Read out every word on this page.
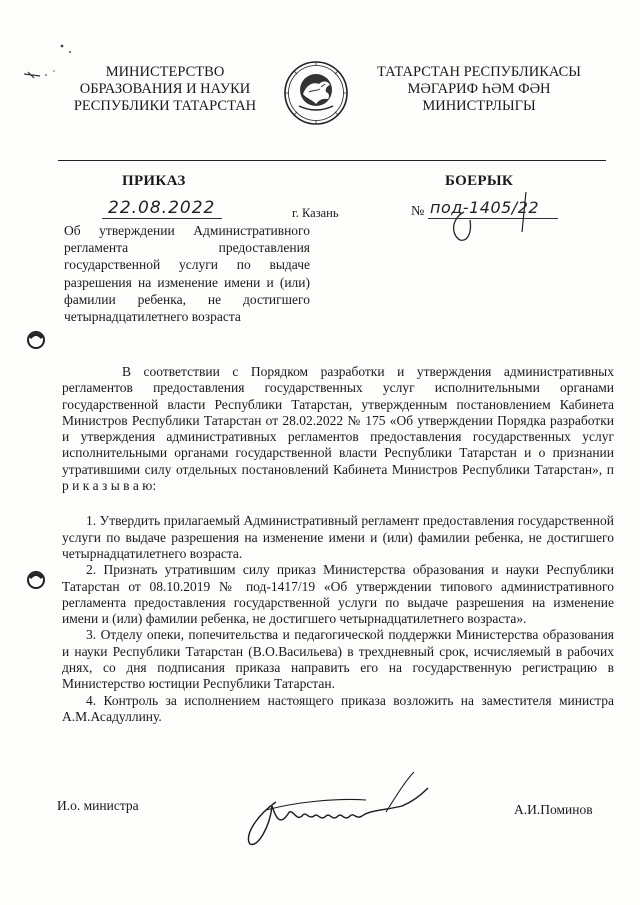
МИНИСТЕРСТВО
ОБРАЗОВАНИЯ И НАУКИ
РЕСПУБЛИКИ ТАТАРСТАН
ТАТАРСТАН РЕСПУБЛИКАСЫ
МӘГАРИФ ҺӘМ ФӘН
МИНИСТРЛЫГЫ
ПРИКАЗ	БОЕРЫК
22.08.2022	г. Казань	№ под-1405/22
Об утверждении Административного регламента предоставления государственной услуги по выдаче разрешения на изменение имени и (или) фамилии ребенка, не достигшего четырнадцатилетнего возраста

В соответствии с Порядком разработки и утверждения административных регламентов предоставления государственных услуг исполнительными органами государственной власти Республики Татарстан, утвержденным постановлением Кабинета Министров Республики Татарстан от 28.02.2022 № 175 «Об утверждении Порядка разработки и утверждения административных регламентов предоставления государственных услуг исполнительными органами государственной власти Республики Татарстан и о признании утратившими силу отдельных постановлений Кабинета Министров Республики Татарстан», п р и к а з ы в а ю:

1. Утвердить прилагаемый Административный регламент предоставления государственной услуги по выдаче разрешения на изменение имени и (или) фамилии ребенка, не достигшего четырнадцатилетнего возраста.

2. Признать утратившим силу приказ Министерства образования и науки Республики Татарстан от 08.10.2019 № под-1417/19 «Об утверждении типового административного регламента предоставления государственной услуги по выдаче разрешения на изменение имени и (или) фамилии ребенка, не достигшего четырнадцатилетнего возраста».

3. Отделу опеки, попечительства и педагогической поддержки Министерства образования и науки Республики Татарстан (В.О.Васильева) в трехдневный срок, исчисляемый в рабочих днях, со дня подписания приказа направить его на государственную регистрацию в Министерство юстиции Республики Татарстан.

4. Контроль за исполнением настоящего приказа возложить на заместителя министра А.М.Асадуллину.

И.о. министра	А.И.Поминов
